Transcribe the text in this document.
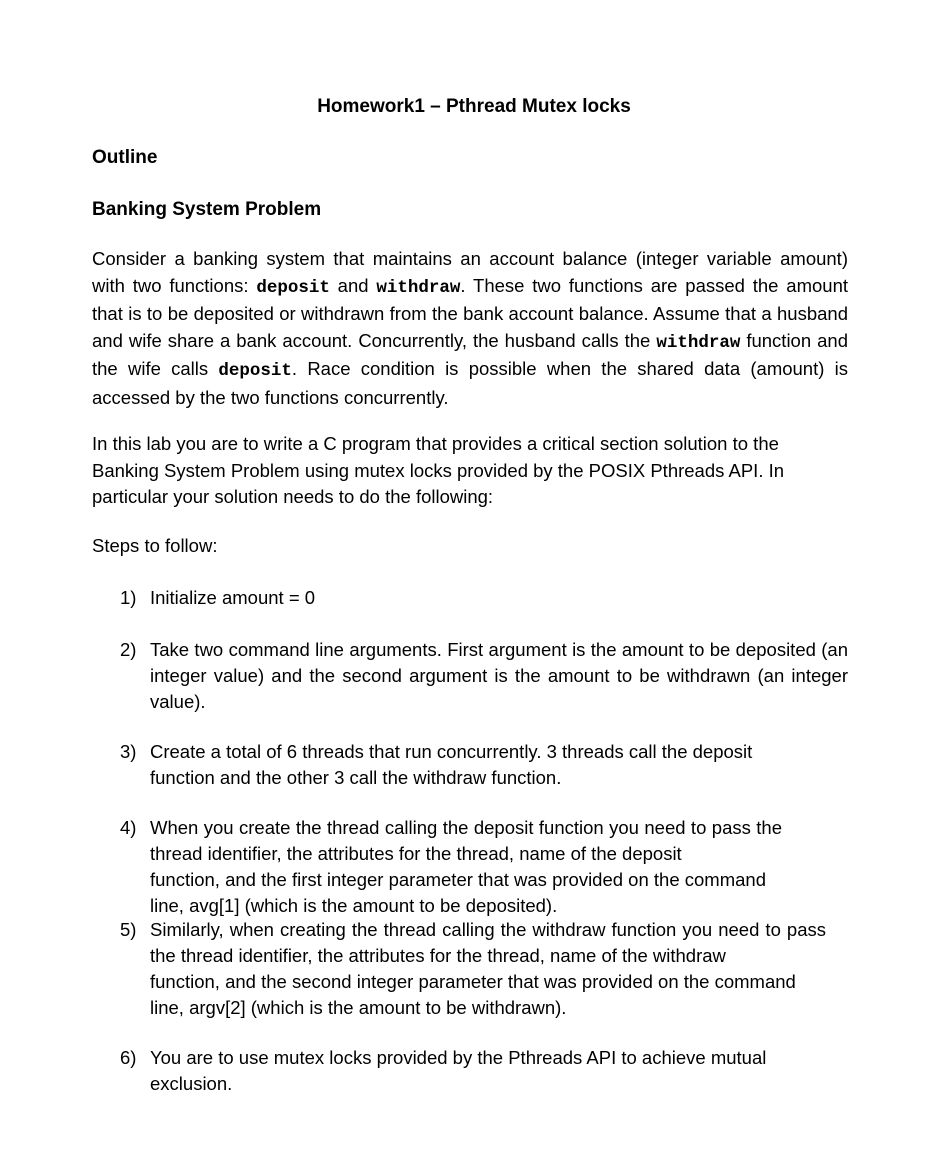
Homework1 – Pthread Mutex locks
Outline
Banking System Problem

Consider a banking system that maintains an account balance (integer variable amount) with two functions: deposit and withdraw. These two functions are passed the amount that is to be deposited or withdrawn from the bank account balance. Assume that a husband and wife share a bank account. Concurrently, the husband calls the withdraw function and the wife calls deposit. Race condition is possible when the shared data (amount) is accessed by the two functions concurrently.

In this lab you are to write a C program that provides a critical section solution to the
Banking System Problem using mutex locks provided by the POSIX Pthreads API. In
particular your solution needs to do the following:
Steps to follow:
1) Initialize amount = 0
2) Take two command line arguments. First argument is the amount to be deposited (an integer value) and the second argument is the amount to be withdrawn (an integer value).
3) Create a total of 6 threads that run concurrently. 3 threads call the deposit
function and the other 3 call the withdraw function.
4) When you create the thread calling the deposit function you need to pass the thread identifier, the attributes for the thread, name of the deposit
function, and the first integer parameter that was provided on the command
line, avg[1] (which is the amount to be deposited).
5) Similarly, when creating the thread calling the withdraw function you need to pass the thread identifier, the attributes for the thread, name of the withdraw
function, and the second integer parameter that was provided on the command
line, argv[2] (which is the amount to be withdrawn).
6) You are to use mutex locks provided by the Pthreads API to achieve mutual
exclusion.
